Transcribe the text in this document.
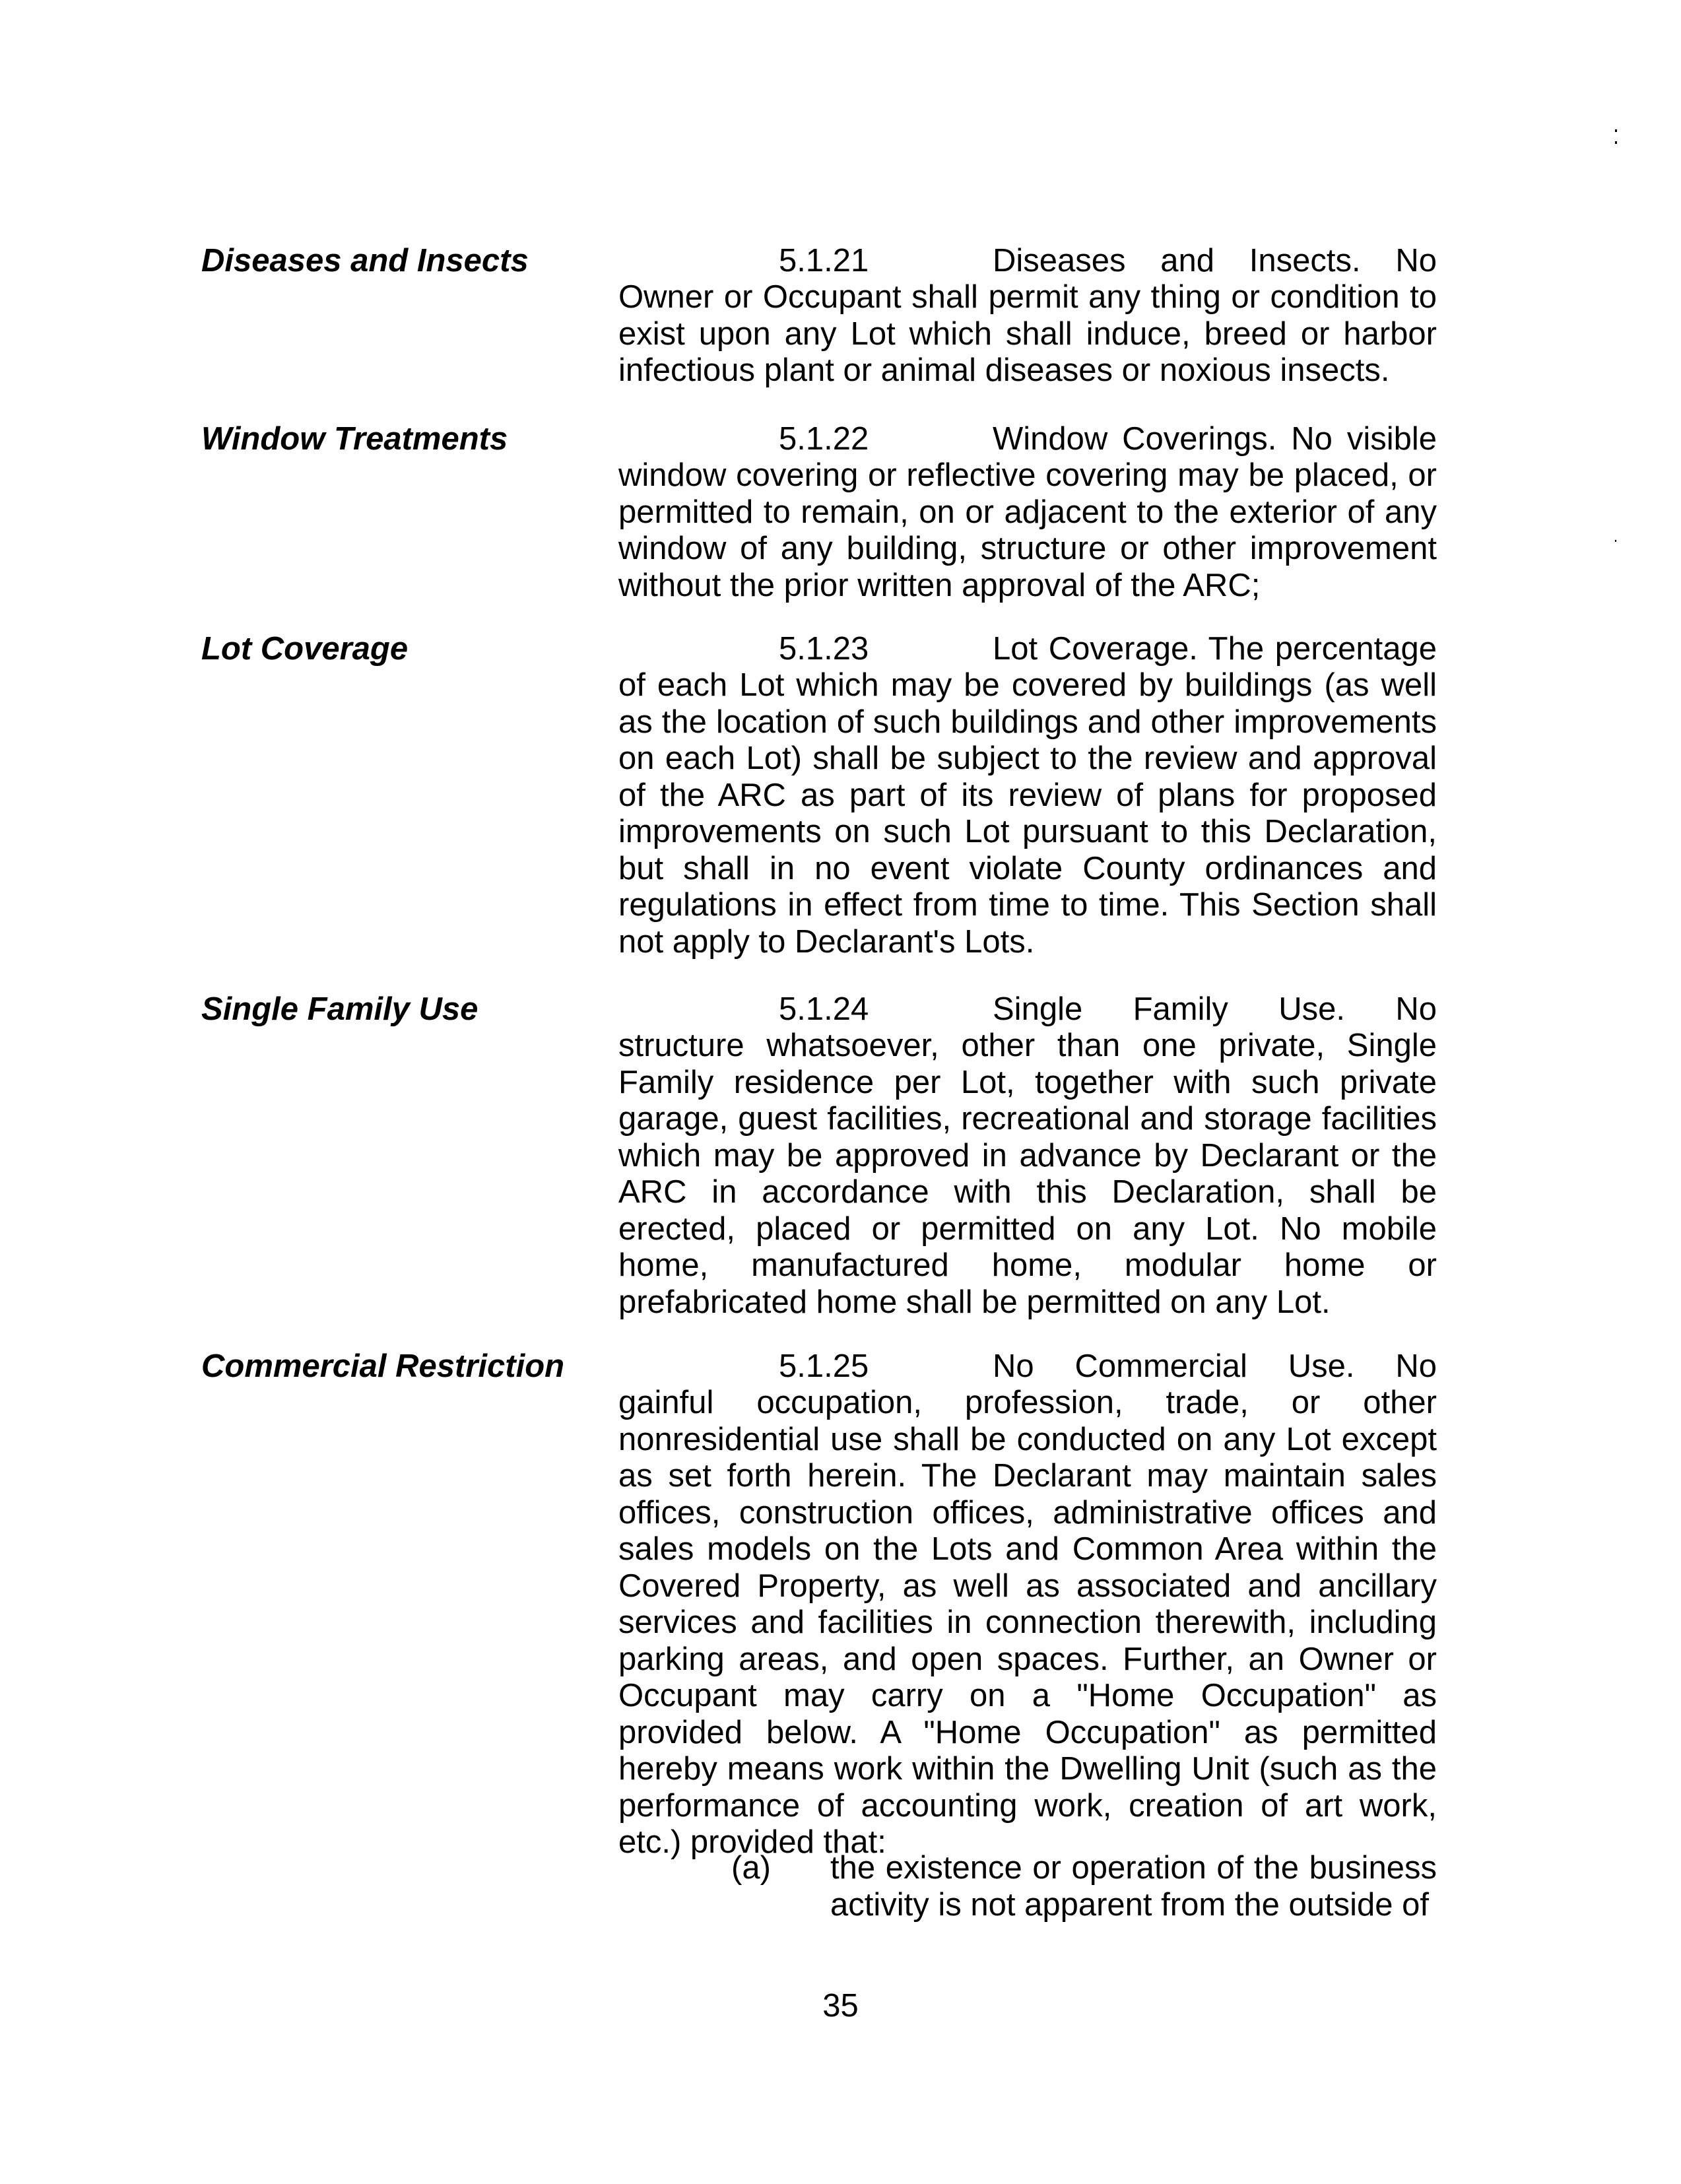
Diseases and Insects	5.1.21	Diseases and Insects. No
Owner or Occupant shall permit any thing or condition to exist upon any Lot which shall induce, breed or harbor infectious plant or animal diseases or noxious insects.
Window Treatments	5.1.22	Window Coverings. No visible
window covering or reflective covering may be placed, or permitted to remain, on or adjacent to the exterior of any window of any building, structure or other improvement without the prior written approval of the ARC;
Lot Coverage	5.1.23	Lot Coverage. The percentage
of each Lot which may be covered by buildings (as well as the location of such buildings and other improvements on each Lot) shall be subject to the review and approval of the ARC as part of its review of plans for proposed improvements on such Lot pursuant to this Declaration, but shall in no event violate County ordinances and regulations in effect from time to time. This Section shall not apply to Declarant's Lots.
Single Family Use	5.1.24	Single Family Use. No
structure whatsoever, other than one private, Single Family residence per Lot, together with such private garage, guest facilities, recreational and storage facilities which may be approved in advance by Declarant or the ARC in accordance with this Declaration, shall be erected, placed or permitted on any Lot. No mobile home, manufactured home, modular home or prefabricated home shall be permitted on any Lot.
Commercial Restriction	5.1.25	No Commercial Use. No
gainful occupation, profession, trade, or other nonresidential use shall be conducted on any Lot except as set forth herein. The Declarant may maintain sales offices, construction offices, administrative offices and sales models on the Lots and Common Area within the Covered Property, as well as associated and ancillary services and facilities in connection therewith, including parking areas, and open spaces. Further, an Owner or Occupant may carry on a "Home Occupation" as provided below. A "Home Occupation" as permitted hereby means work within the Dwelling Unit (such as the performance of accounting work, creation of art work, etc.) provided that:
(a) the existence or operation of the business activity is not apparent from the outside of
35
